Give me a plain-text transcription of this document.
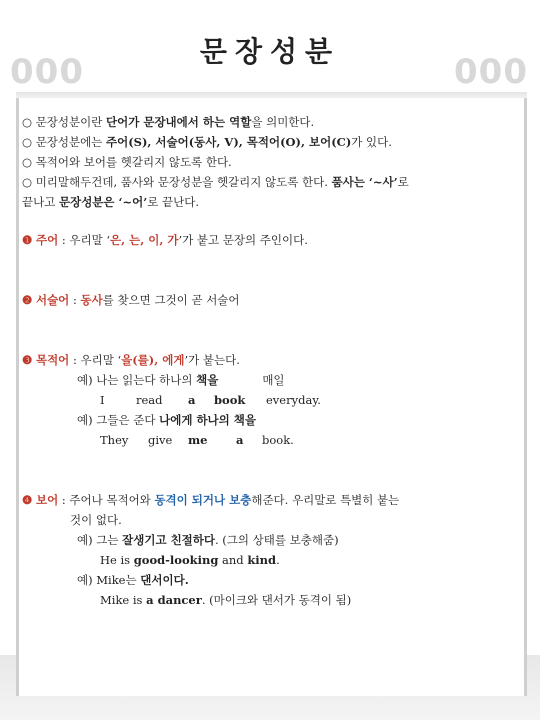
000	000
문장성분
○ 문장성분이란 단어가 문장내에서 하는 역할을 의미한다.
○ 문장성분에는 주어(S), 서술어(동사, V), 목적어(O), 보어(C)가 있다.
○ 목적어와 보어를 헷갈리지 않도록 한다.
○ 미리말해두건데, 품사와 문장성분을 헷갈리지 않도록 한다. 품사는 ‘~사’로
끝나고 문장성분은 ‘~어’로 끝난다.
❶ 주어 : 우리말 ‘은, 는, 이, 가’가 붙고 문장의 주인이다.
❷ 서술어 : 동사를 찾으면 그것이 곧 서술어
❸ 목적어 : 우리말 ‘을(를), 에게’가 붙는다.
예) 나는 읽는다 하나의 책을	매일
I	read a book everyday.
예) 그들은 준다 나에게 하나의 책을
They give me a book.
❹ 보어 : 주어나 목적어와 동격이 되거나 보충해준다. 우리말로 특별히 붙는
것이 없다.
예) 그는 잘생기고 친절하다. (그의 상태를 보충해줌)
He is good-looking and kind.
예) Mike는 댄서이다.
Mike is a dancer. (마이크와 댄서가 동격이 됨)
